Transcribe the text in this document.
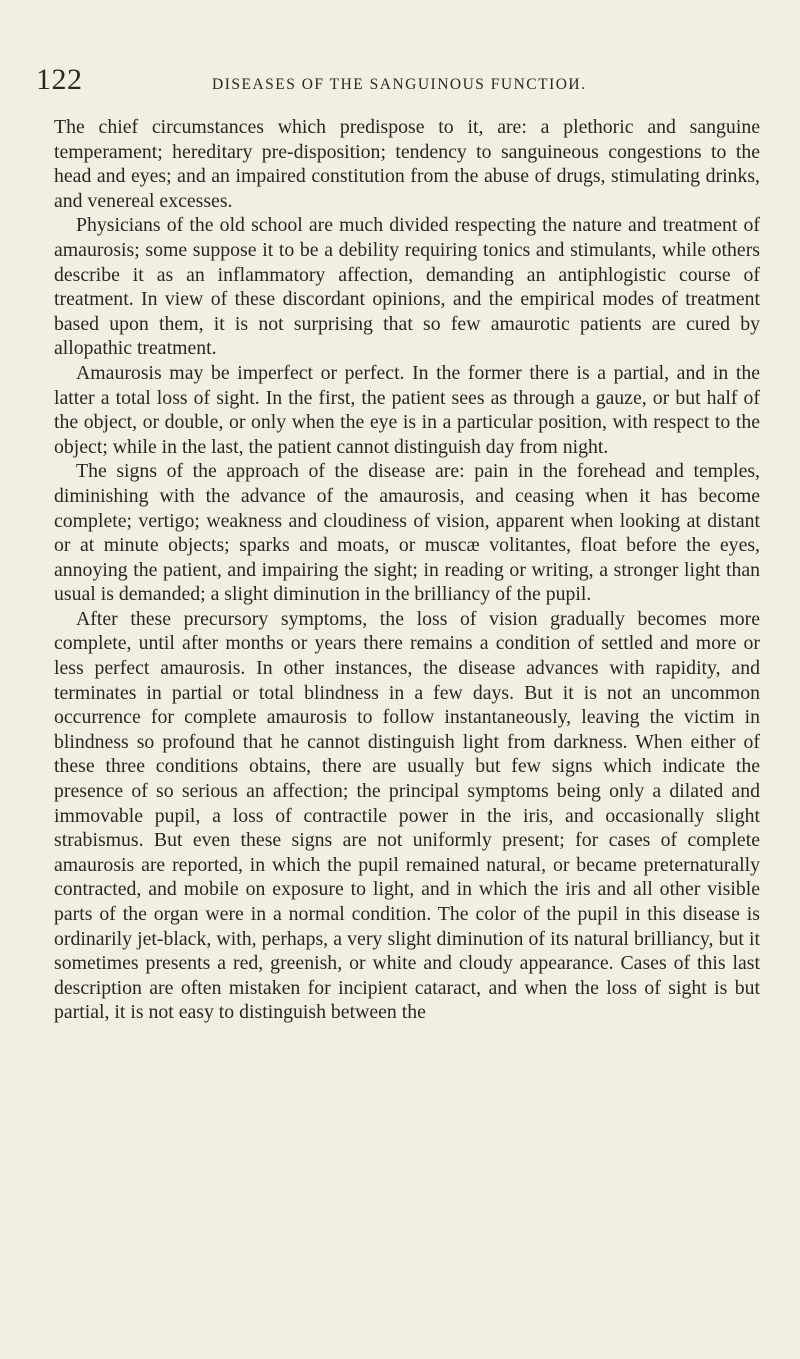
122	DISEASES OF THE SANGUINOUS FUNCTIOИ.

The chief circumstances which predispose to it, are: a plethoric and sanguine temperament; hereditary pre-disposition; tendency to sanguineous congestions to the head and eyes; and an impaired constitution from the abuse of drugs, stimulating drinks, and venereal excesses.

Physicians of the old school are much divided respecting the nature and treatment of amaurosis; some suppose it to be a debility requiring tonics and stimulants, while others describe it as an inflammatory affection, demanding an antiphlogistic course of treatment. In view of these discordant opinions, and the empirical modes of treatment based upon them, it is not surprising that so few amaurotic patients are cured by allopathic treatment.

Amaurosis may be imperfect or perfect. In the former there is a partial, and in the latter a total loss of sight. In the first, the patient sees as through a gauze, or but half of the object, or double, or only when the eye is in a particular position, with respect to the object; while in the last, the patient cannot distinguish day from night.

The signs of the approach of the disease are: pain in the forehead and temples, diminishing with the advance of the amaurosis, and ceasing when it has become complete; vertigo; weakness and cloudiness of vision, apparent when looking at distant or at minute objects; sparks and moats, or muscæ volitantes, float before the eyes, annoying the patient, and impairing the sight; in reading or writing, a stronger light than usual is demanded; a slight diminution in the brilliancy of the pupil.

After these precursory symptoms, the loss of vision gradually becomes more complete, until after months or years there remains a condition of settled and more or less perfect amaurosis. In other instances, the disease advances with rapidity, and terminates in partial or total blindness in a few days. But it is not an uncommon occurrence for complete amaurosis to follow instantaneously, leaving the victim in blindness so profound that he cannot distinguish light from darkness. When either of these three conditions obtains, there are usually but few signs which indicate the presence of so serious an affection; the principal symptoms being only a dilated and immovable pupil, a loss of contractile power in the iris, and occasionally slight strabismus. But even these signs are not uniformly present; for cases of complete amaurosis are reported, in which the pupil remained natural, or became preternaturally contracted, and mobile on exposure to light, and in which the iris and all other visible parts of the organ were in a normal condition. The color of the pupil in this disease is ordinarily jet-black, with, perhaps, a very slight diminution of its natural brilliancy, but it sometimes presents a red, greenish, or white and cloudy appearance. Cases of this last description are often mistaken for incipient cataract, and when the loss of sight is but partial, it is not easy to distinguish between the
